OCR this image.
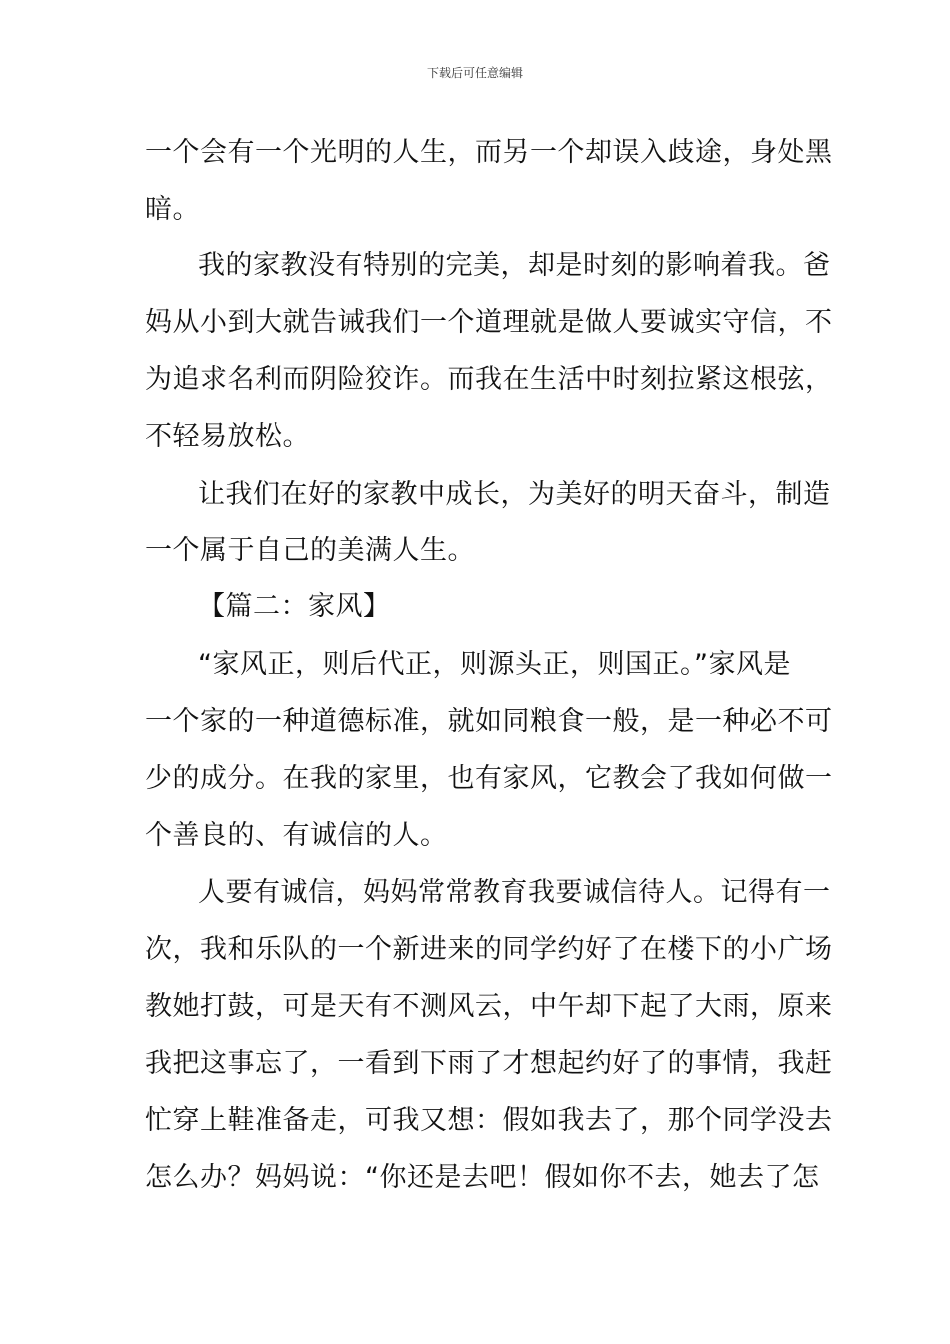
下载后可任意编辑
一个会有一个光明的人生，而另一个却误入歧途，身处黑
暗。
我的家教没有特别的完美，却是时刻的影响着我。爸
妈从小到大就告诫我们一个道理就是做人要诚实守信，不
为追求名利而阴险狡诈。而我在生活中时刻拉紧这根弦，
不轻易放松。
让我们在好的家教中成长，为美好的明天奋斗，制造
一个属于自己的美满人生。
【篇二：家风】
“家风正，则后代正，则源头正，则国正。”家风是
一个家的一种道德标准，就如同粮食一般，是一种必不可
少的成分。在我的家里，也有家风，它教会了我如何做一
个善良的、有诚信的人。
人要有诚信，妈妈常常教育我要诚信待人。记得有一
次，我和乐队的一个新进来的同学约好了在楼下的小广场
教她打鼓，可是天有不测风云，中午却下起了大雨，原来
我把这事忘了，一看到下雨了才想起约好了的事情，我赶
忙穿上鞋准备走，可我又想：假如我去了，那个同学没去
怎么办？妈妈说：“你还是去吧！假如你不去，她去了怎
